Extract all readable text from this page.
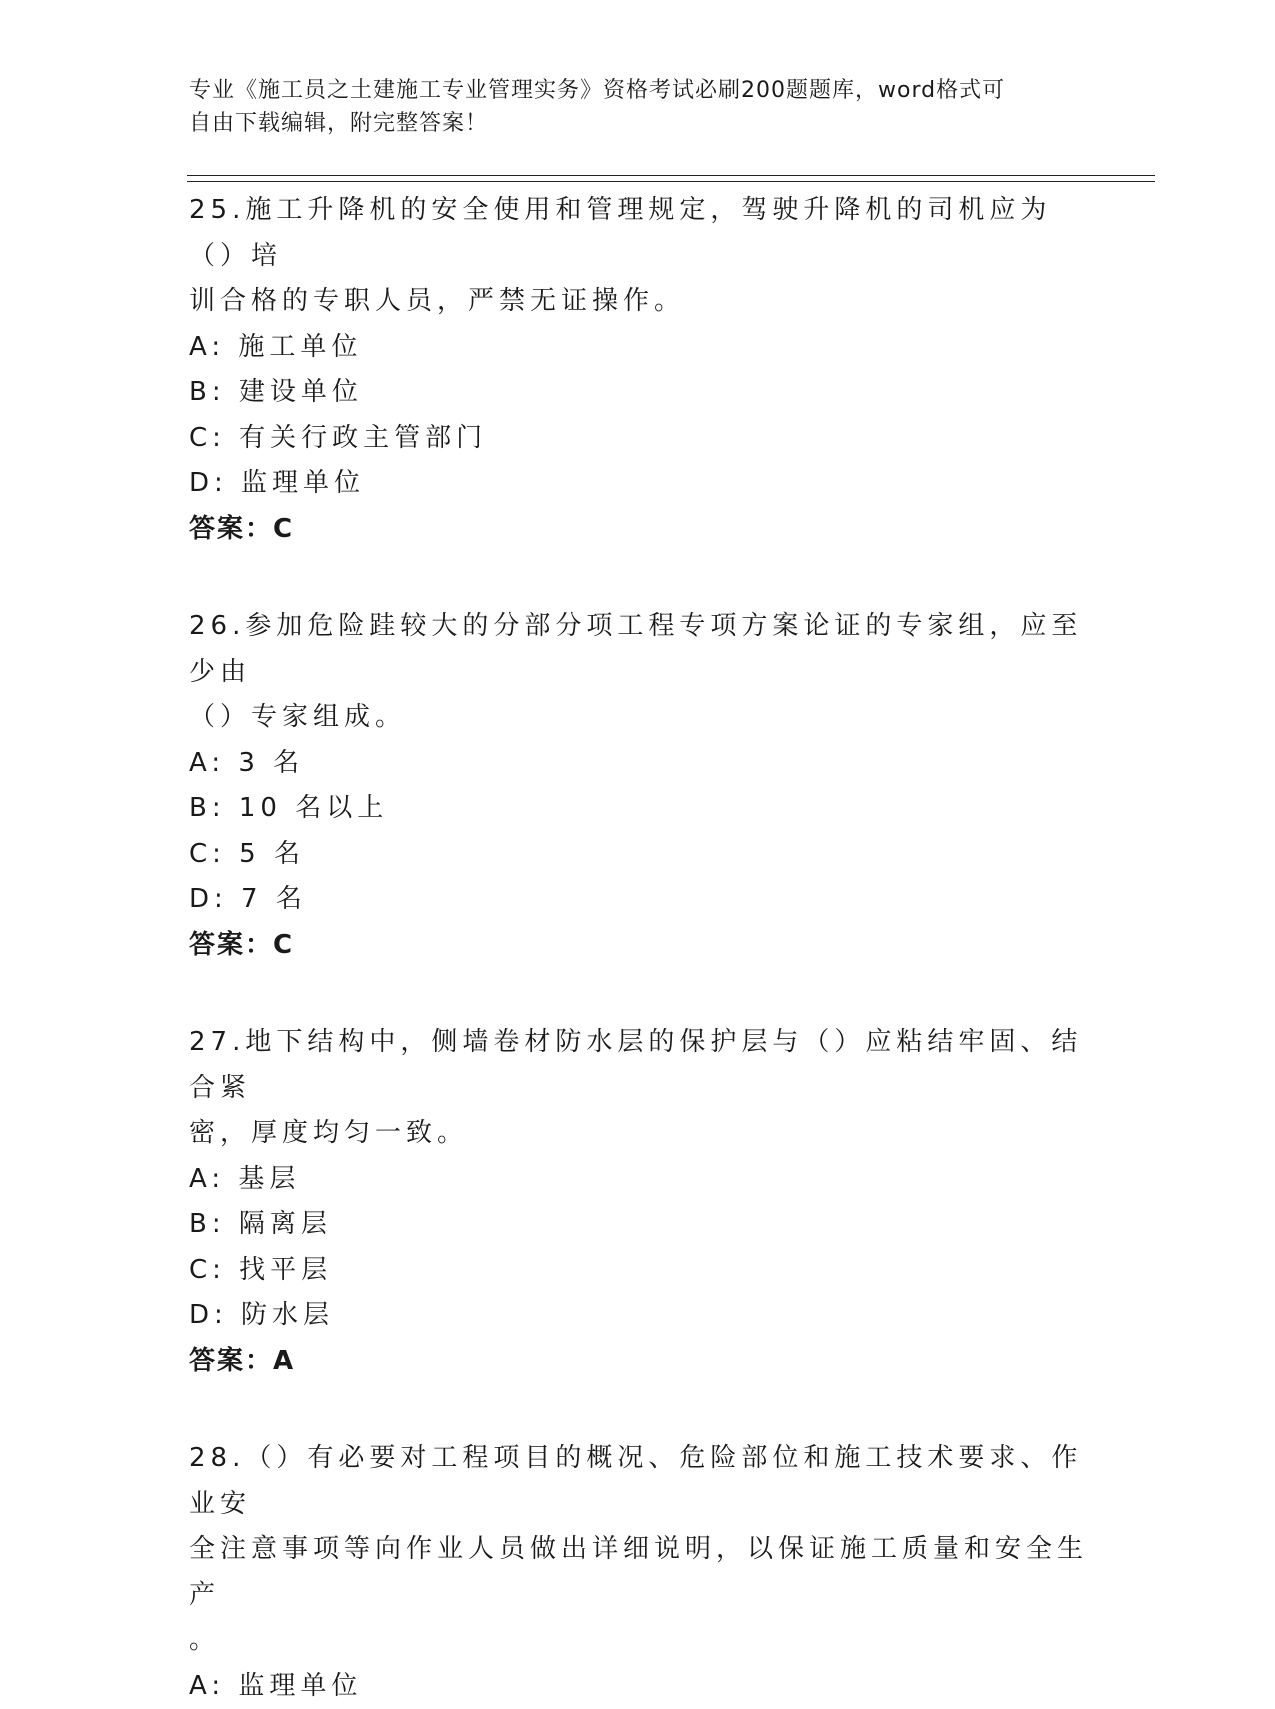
专业《施工员之土建施工专业管理实务》资格考试必刷200题题库，word格式可
自由下载编辑，附完整答案！
25.施工升降机的安全使用和管理规定，驾驶升降机的司机应为（）培
训合格的专职人员，严禁无证操作。
A: 施工单位
B: 建设单位
C: 有关行政主管部门
D: 监理单位
答案：C
26.参加危险跬较大的分部分项工程专项方案论证的专家组，应至少由
（）专家组成。
A: 3 名
B: 10 名以上
C: 5 名
D: 7 名
答案：C
27.地下结构中，侧墙卷材防水层的保护层与（）应粘结牢固、结合紧
密，厚度均匀一致。
A: 基层
B: 隔离层
C: 找平层
D: 防水层
答案：A
28.（）有必要对工程项目的概况、危险部位和施工技术要求、作业安
全注意事项等向作业人员做出详细说明，以保证施工质量和安全生产
。
A: 监理单位
